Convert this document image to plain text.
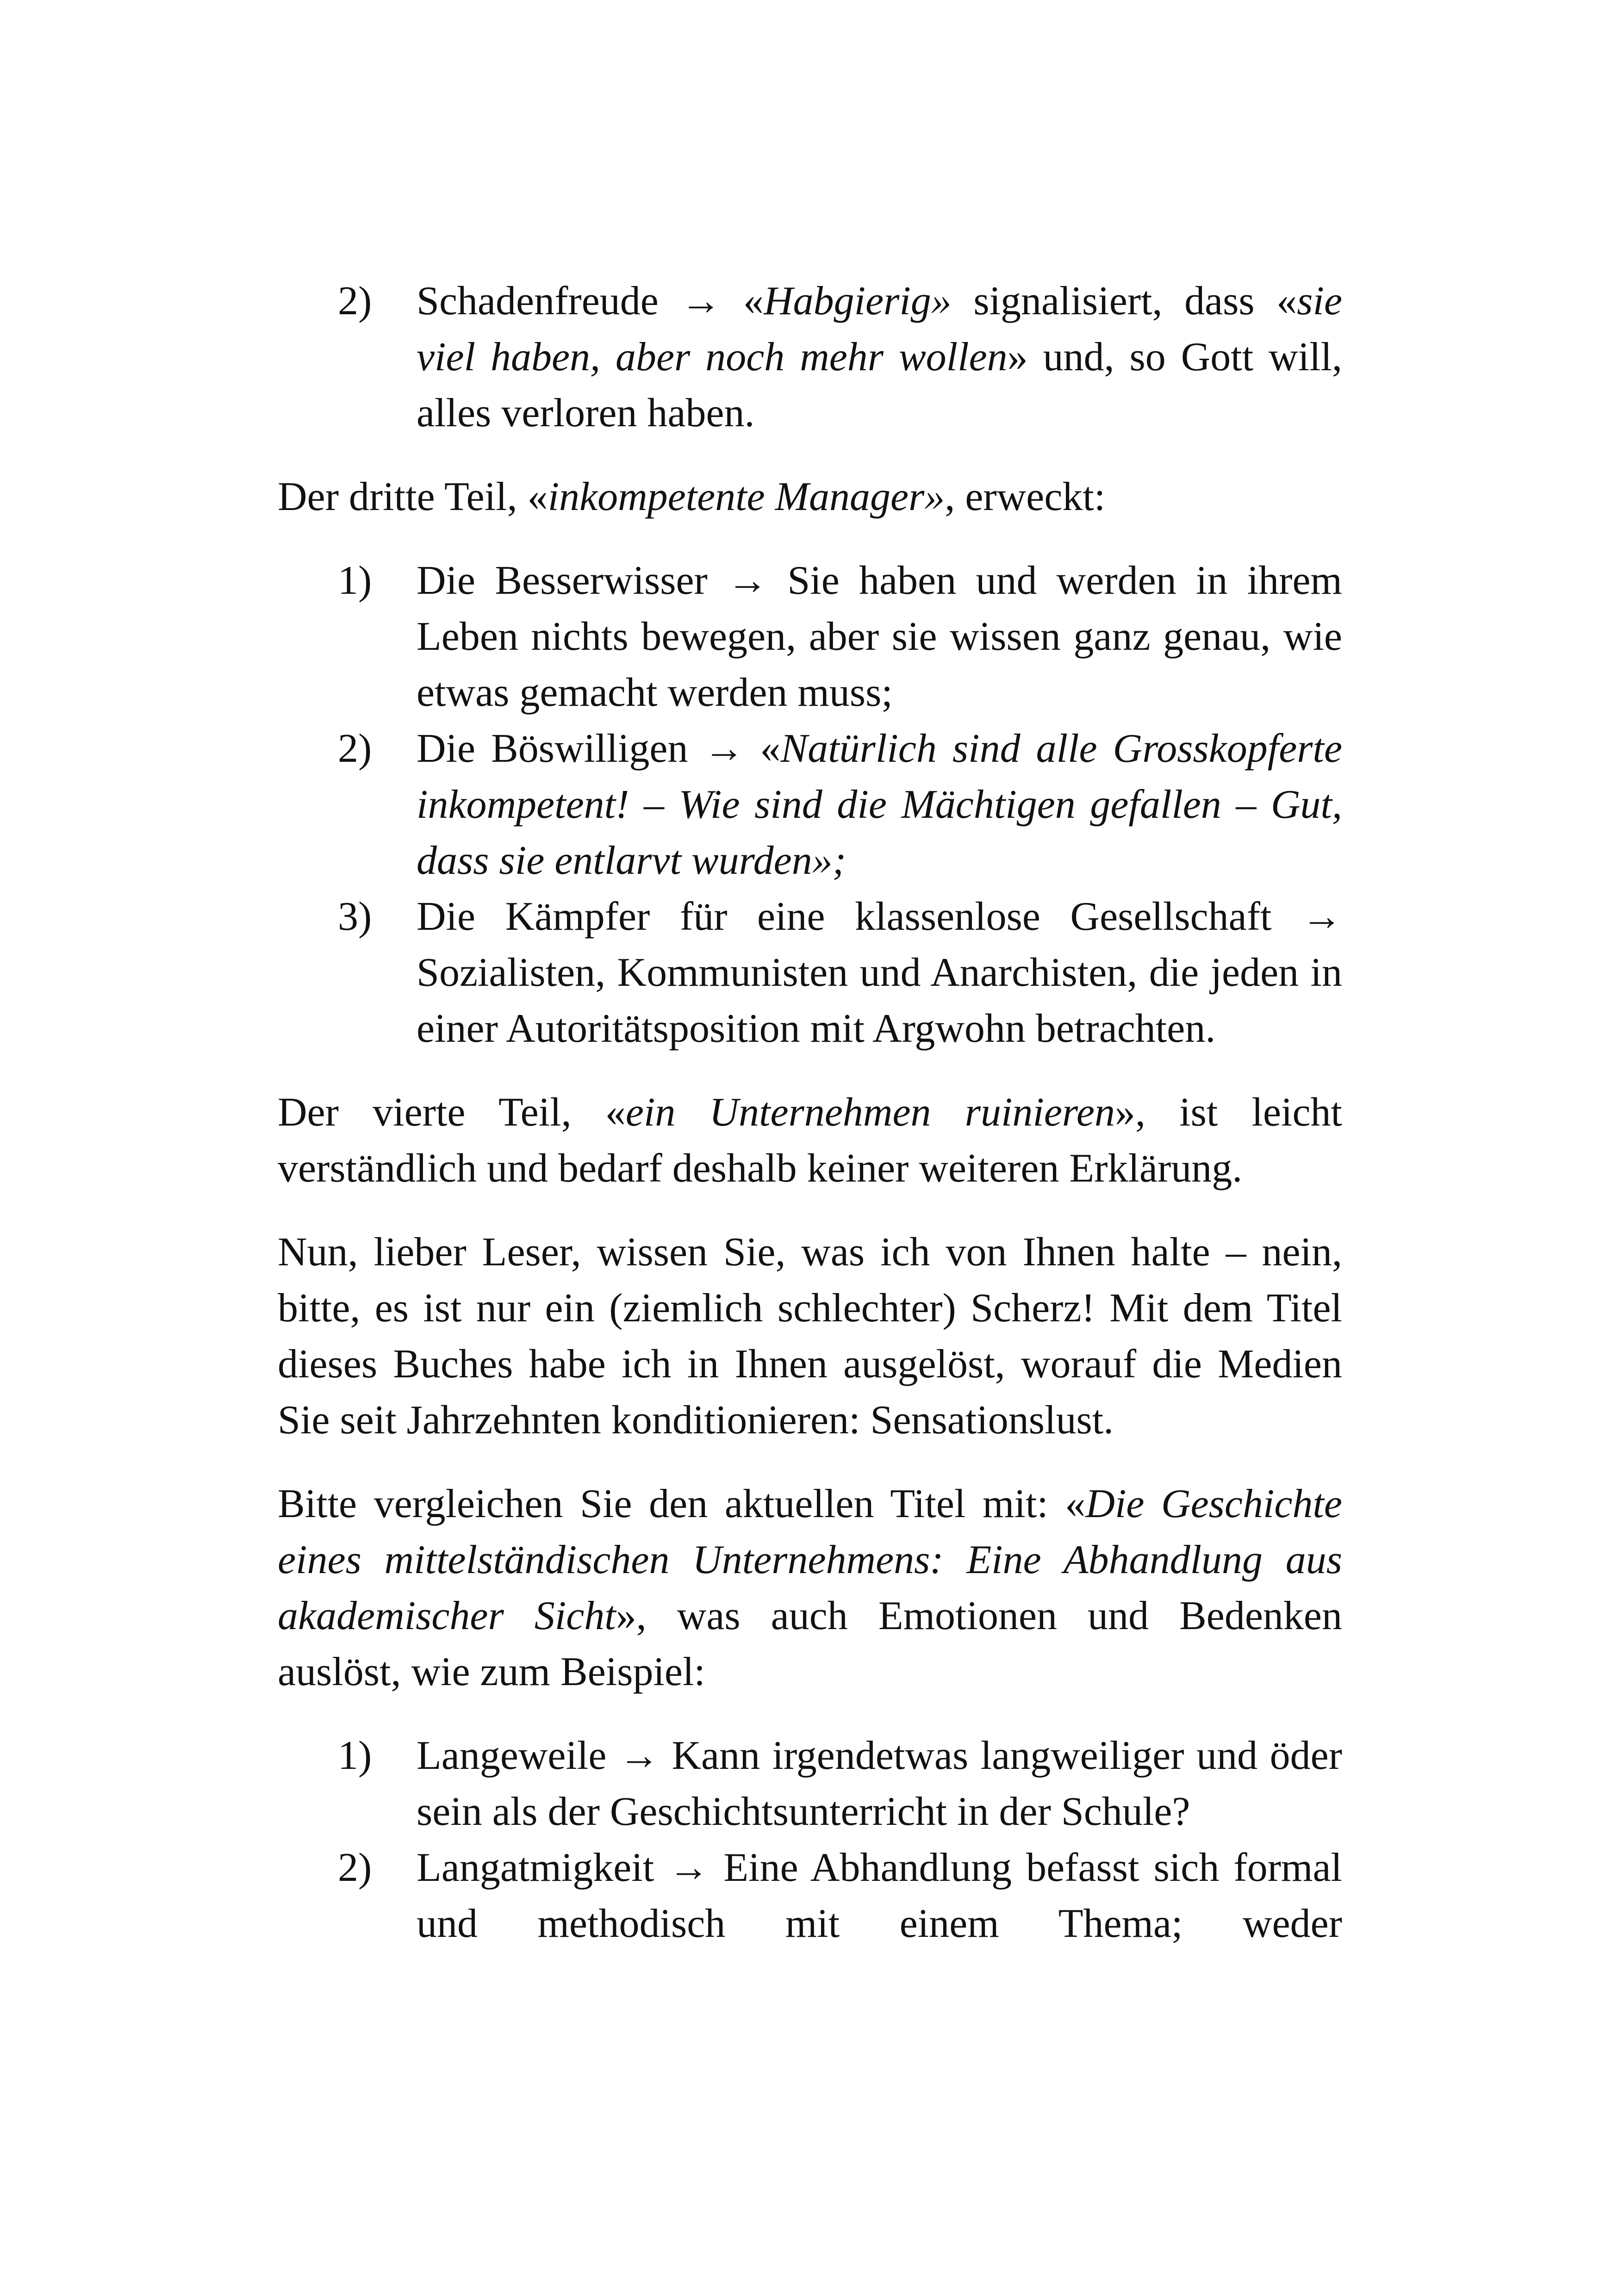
2)	Schadenfreude → «Habgierig» signalisiert, dass «sie viel haben, aber noch mehr wollen» und, so Gott will, alles verloren haben.

Der dritte Teil, «inkompetente Manager», erweckt:

1)	Die Besserwisser → Sie haben und werden in ihrem Leben nichts bewegen, aber sie wissen ganz genau, wie etwas gemacht werden muss;
2)	Die Böswilligen → «Natürlich sind alle Grosskopferte inkompetent! – Wie sind die Mächtigen gefallen – Gut, dass sie entlarvt wurden»;
3)	Die Kämpfer für eine klassenlose Gesellschaft → Sozialisten, Kommunisten und Anarchisten, die jeden in einer Autoritätsposition mit Argwohn betrachten.

Der vierte Teil, «ein Unternehmen ruinieren», ist leicht verständlich und bedarf deshalb keiner weiteren Erklärung.

Nun, lieber Leser, wissen Sie, was ich von Ihnen halte – nein, bitte, es ist nur ein (ziemlich schlechter) Scherz! Mit dem Titel dieses Buches habe ich in Ihnen ausgelöst, worauf die Medien Sie seit Jahrzehnten konditionieren: Sensationslust.

Bitte vergleichen Sie den aktuellen Titel mit: «Die Geschichte eines mittelständischen Unternehmens: Eine Abhandlung aus akademischer Sicht», was auch Emotionen und Bedenken auslöst, wie zum Beispiel:

1)	Langeweile → Kann irgendetwas langweiliger und öder sein als der Geschichtsunterricht in der Schule?
2)	Langatmigkeit → Eine Abhandlung befasst sich formal und methodisch mit einem Thema; weder
